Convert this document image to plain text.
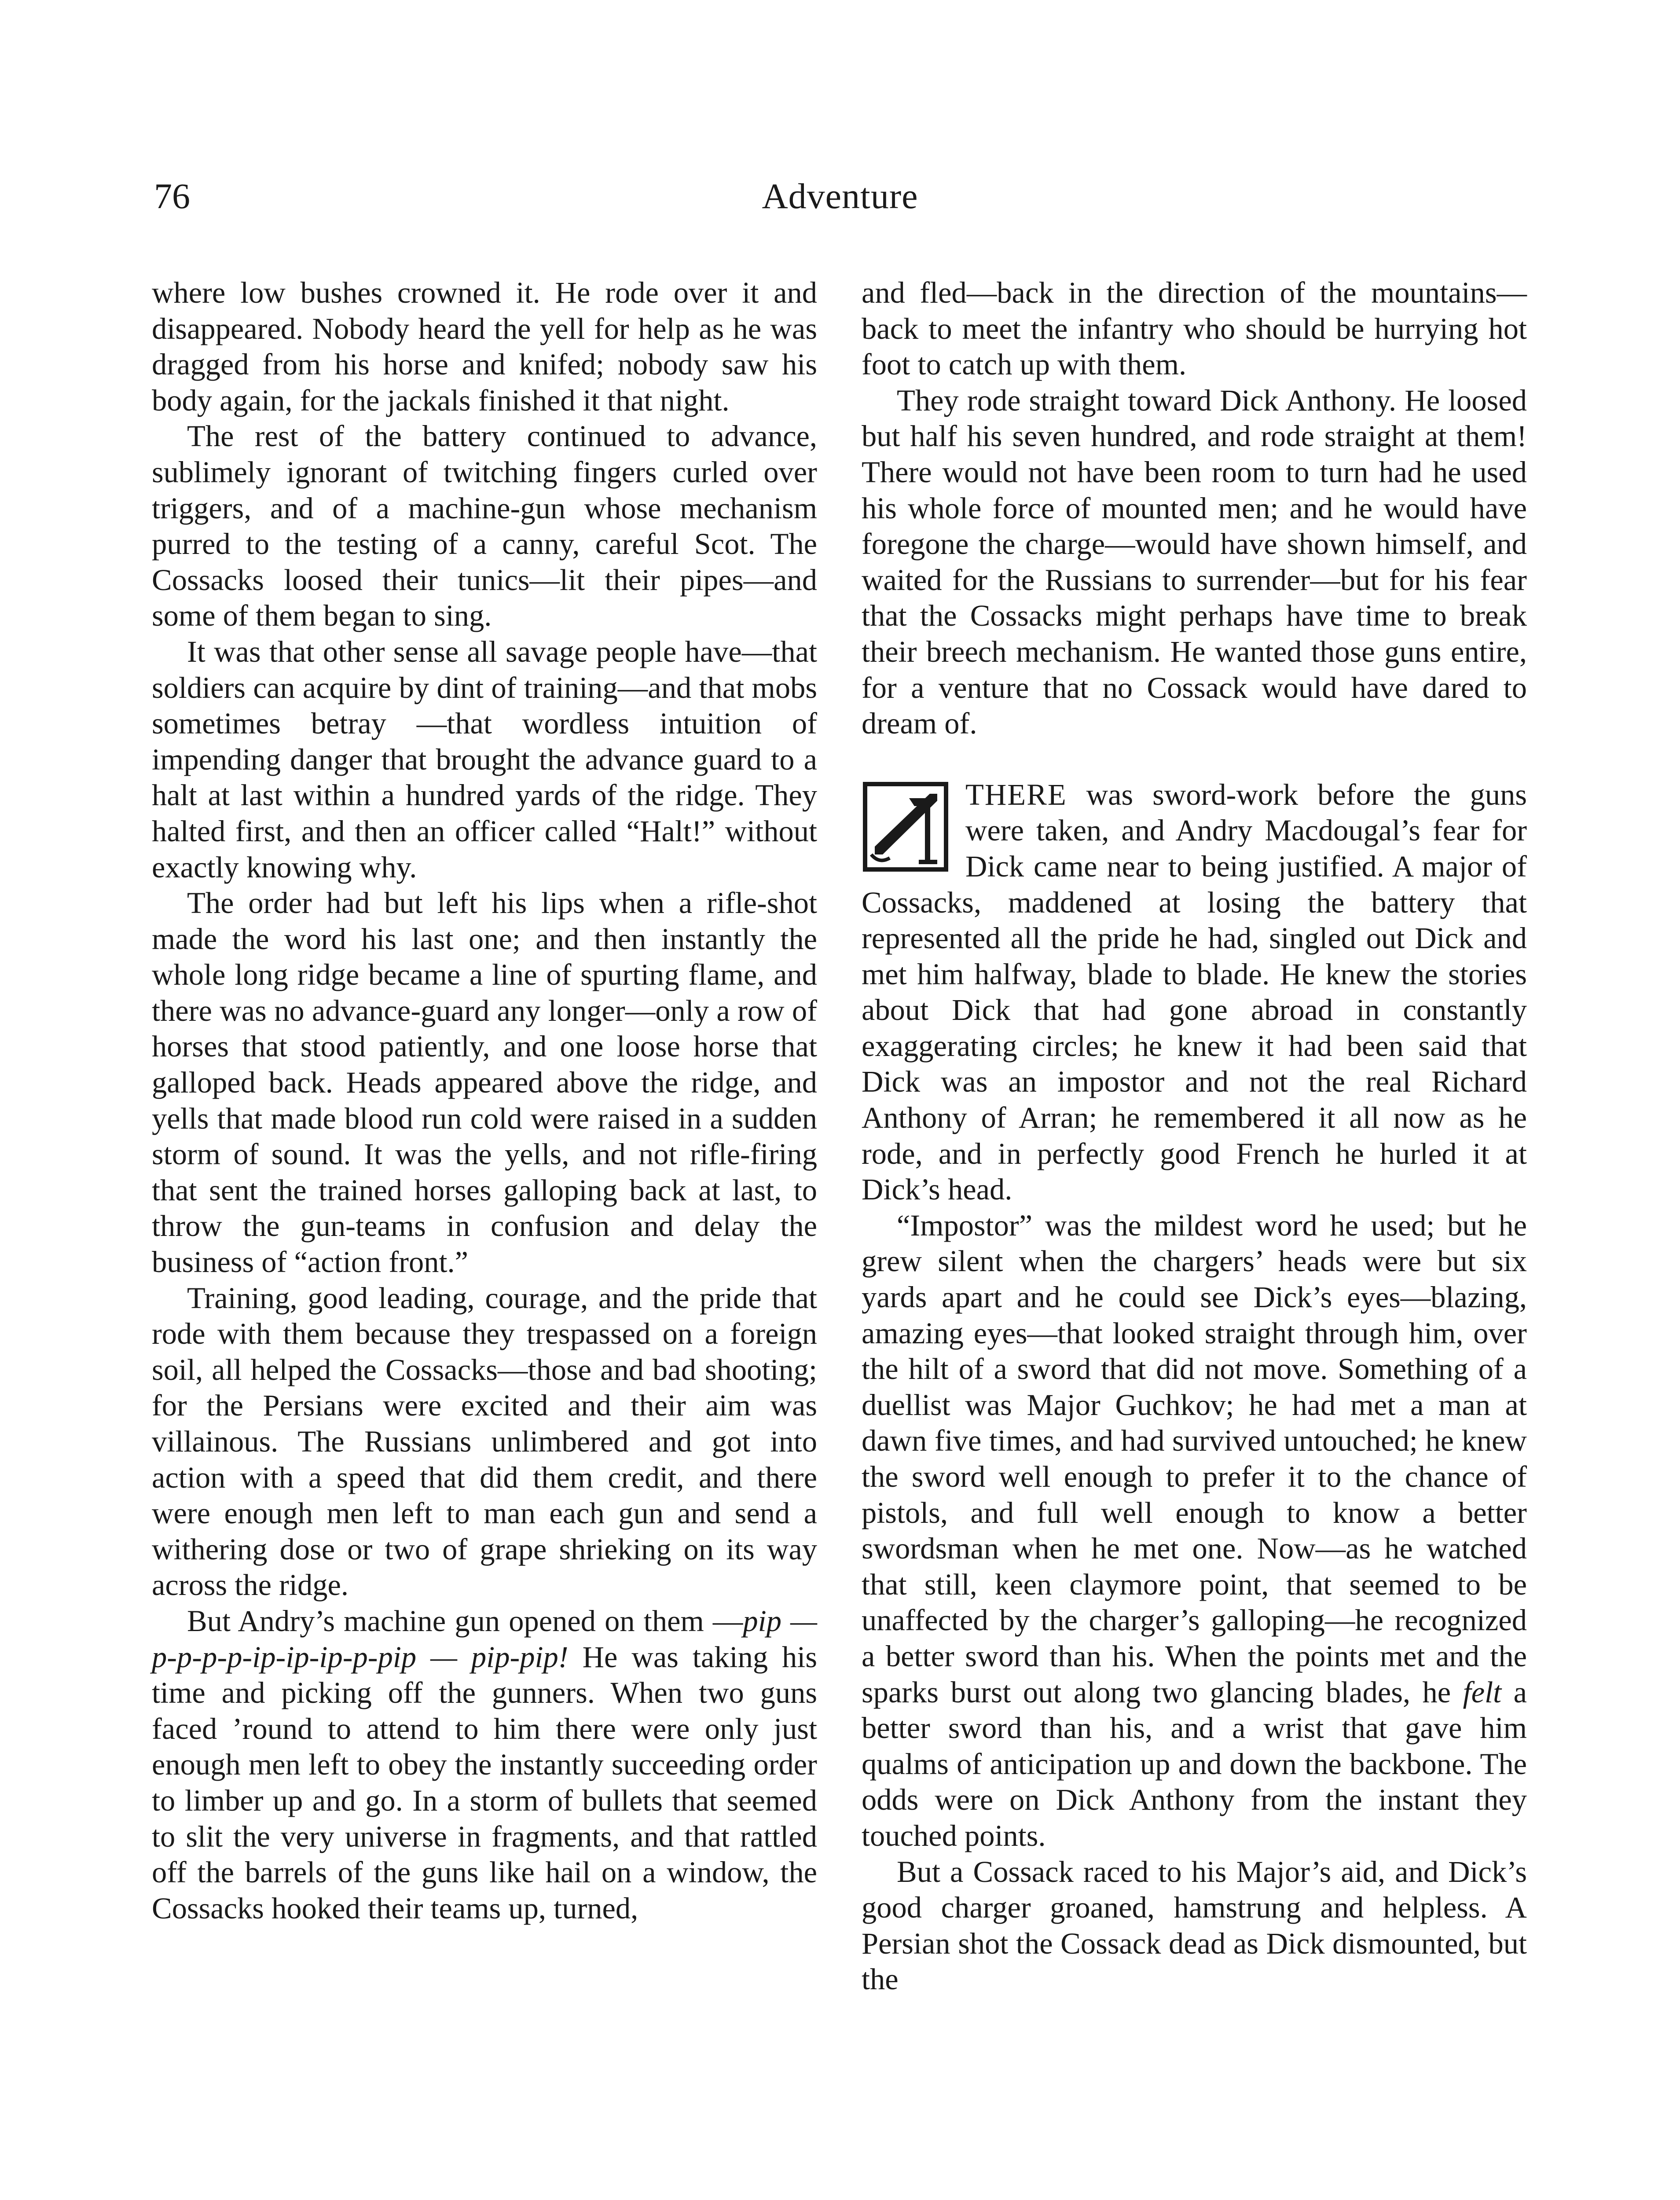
76	Adventure

where low bushes crowned it. He rode over it and disappeared. Nobody heard the yell for help as he was dragged from his horse and knifed; nobody saw his body again, for the jackals finished it that night.

The rest of the battery continued to advance, sublimely ignorant of twitching fingers curled over triggers, and of a machine-gun whose mechanism purred to the testing of a canny, careful Scot. The Cossacks loosed their tunics—lit their pipes—and some of them began to sing.

It was that other sense all savage people have—that soldiers can acquire by dint of training—and that mobs sometimes betray —that wordless intuition of impending danger that brought the advance guard to a halt at last within a hundred yards of the ridge. They halted first, and then an officer called “Halt!” without exactly knowing why.

The order had but left his lips when a rifle-shot made the word his last one; and then instantly the whole long ridge became a line of spurting flame, and there was no advance-guard any longer—only a row of horses that stood patiently, and one loose horse that galloped back. Heads appeared above the ridge, and yells that made blood run cold were raised in a sudden storm of sound. It was the yells, and not rifle-firing that sent the trained horses galloping back at last, to throw the gun-teams in confusion and delay the business of “action front.”

Training, good leading, courage, and the pride that rode with them because they trespassed on a foreign soil, all helped the Cossacks—those and bad shooting; for the Persians were excited and their aim was villainous. The Russians unlimbered and got into action with a speed that did them credit, and there were enough men left to man each gun and send a withering dose or two of grape shrieking on its way across the ridge.

But Andry’s machine gun opened on them —pip — p-p-p-p-ip-ip-ip-p-pip — pip-pip! He was taking his time and picking off the gunners. When two guns faced ’round to attend to him there were only just enough men left to obey the instantly succeeding order to limber up and go. In a storm of bullets that seemed to slit the very universe in fragments, and that rattled off the barrels of the guns like hail on a window, the Cossacks hooked their teams up, turned,

and fled—back in the direction of the mountains—back to meet the infantry who should be hurrying hot foot to catch up with them.

They rode straight toward Dick Anthony. He loosed but half his seven hundred, and rode straight at them! There would not have been room to turn had he used his whole force of mounted men; and he would have foregone the charge—would have shown himself, and waited for the Russians to surrender—but for his fear that the Cossacks might perhaps have time to break their breech mechanism. He wanted those guns entire, for a venture that no Cossack would have dared to dream of.

THERE was sword-work before the guns were taken, and Andry Macdougal’s fear for Dick came near to being justified. A major of Cossacks, maddened at losing the battery that represented all the pride he had, singled out Dick and met him halfway, blade to blade. He knew the stories about Dick that had gone abroad in constantly exaggerating circles; he knew it had been said that Dick was an impostor and not the real Richard Anthony of Arran; he remembered it all now as he rode, and in perfectly good French he hurled it at Dick’s head.

“Impostor” was the mildest word he used; but he grew silent when the chargers’ heads were but six yards apart and he could see Dick’s eyes—blazing, amazing eyes—that looked straight through him, over the hilt of a sword that did not move. Something of a duellist was Major Guchkov; he had met a man at dawn five times, and had survived untouched; he knew the sword well enough to prefer it to the chance of pistols, and full well enough to know a better swordsman when he met one. Now—as he watched that still, keen claymore point, that seemed to be unaffected by the charger’s galloping—he recognized a better sword than his. When the points met and the sparks burst out along two glancing blades, he felt a better sword than his, and a wrist that gave him qualms of anticipation up and down the backbone. The odds were on Dick Anthony from the instant they touched points.

But a Cossack raced to his Major’s aid, and Dick’s good charger groaned, hamstrung and helpless. A Persian shot the Cossack dead as Dick dismounted, but the
